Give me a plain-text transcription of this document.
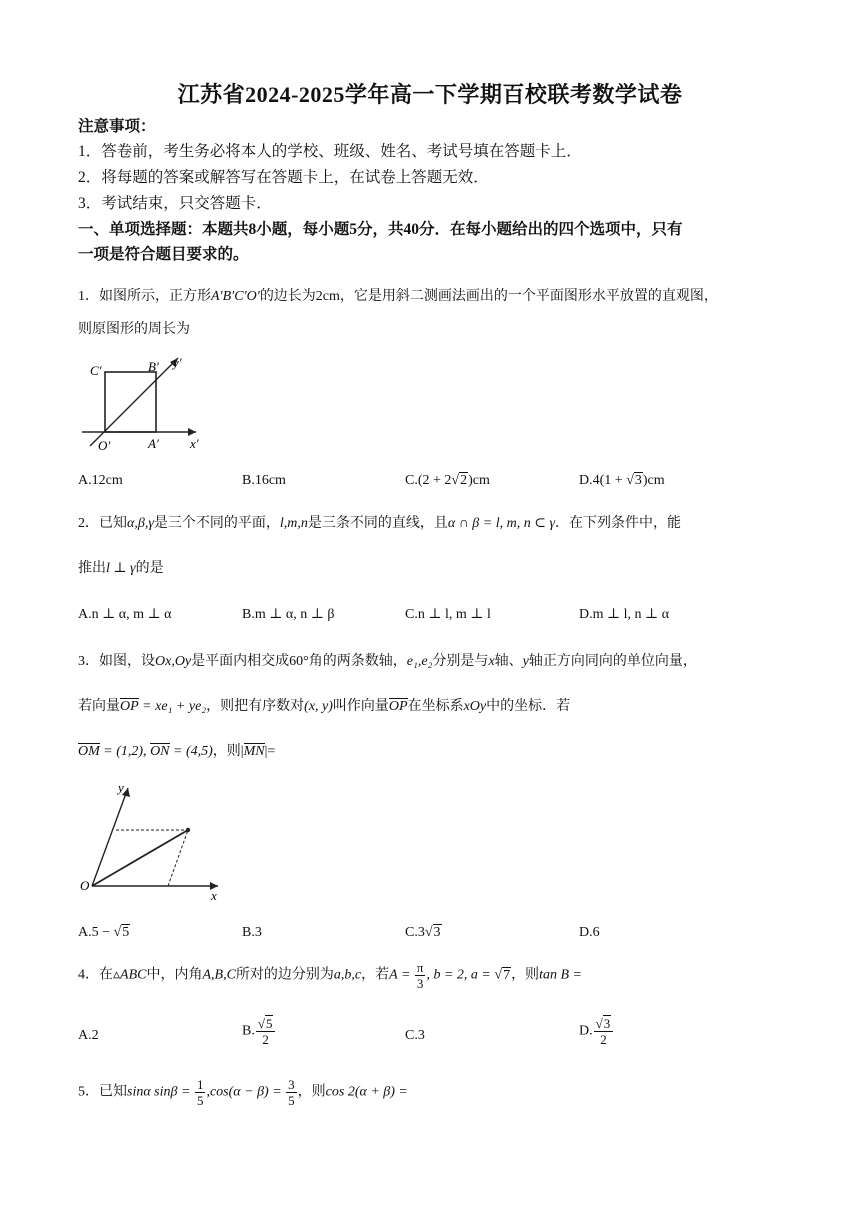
江苏省2024-2025学年高一下学期百校联考数学试卷
注意事项：
1．答卷前，考生务必将本人的学校、班级、姓名、考试号填在答题卡上．
2．将每题的答案或解答写在答题卡上，在试卷上答题无效．
3．考试结束，只交答题卡．
一、单项选择题：本题共8小题，每小题5分，共40分．在每小题给出的四个选项中，只有
一项是符合题目要求的。
1．如图所示，正方形A′B′C′O′的边长为2cm，它是用斜二测画法画出的一个平面图形水平放置的直观图，
则原图形的周长为
C′	B′ y′
O′	A′ x′
A.12cm	B.16cm	C.(2 + 2√2)cm	D.4(1 + √3)cm
2．已知α,β,γ是三个不同的平面，l,m,n是三条不同的直线，且α ∩ β = l, m, n ⊂ γ．在下列条件中，能
推出l ⊥ γ的是
A.n ⊥ α, m ⊥ α	B.m ⊥ α, n ⊥ β	C.n ⊥ l, m ⊥ l	D.m ⊥ l, n ⊥ α
3．如图，设Ox,Oy是平面内相交成60°角的两条数轴，e₁,e₂分别是与x轴、y轴正方向同向的单位向量，
若向量OP = xe₁ + ye₂，则把有序数对(x, y)叫作向量OP在坐标系xOy中的坐标．若
OM = (1,2), ON = (4,5)，则|MN|=
y
O
x
A.5 − √5	B.3	C.3√3	D.6
4．在▵ABC中，内角A,B,C所对的边分别为a,b,c，若$A = \frac{\pi}{3}$ , b = 2, a = √7，则tan B =
A.2	B. $\frac{√5}{2}$	C.3	D. $\frac{√3}{2}$
5．已知sinα $\sin\beta = \frac{1}{5} ,\cos(\alpha - \beta) = \frac{3}{5}$ ，则cos 2(α + β) =
